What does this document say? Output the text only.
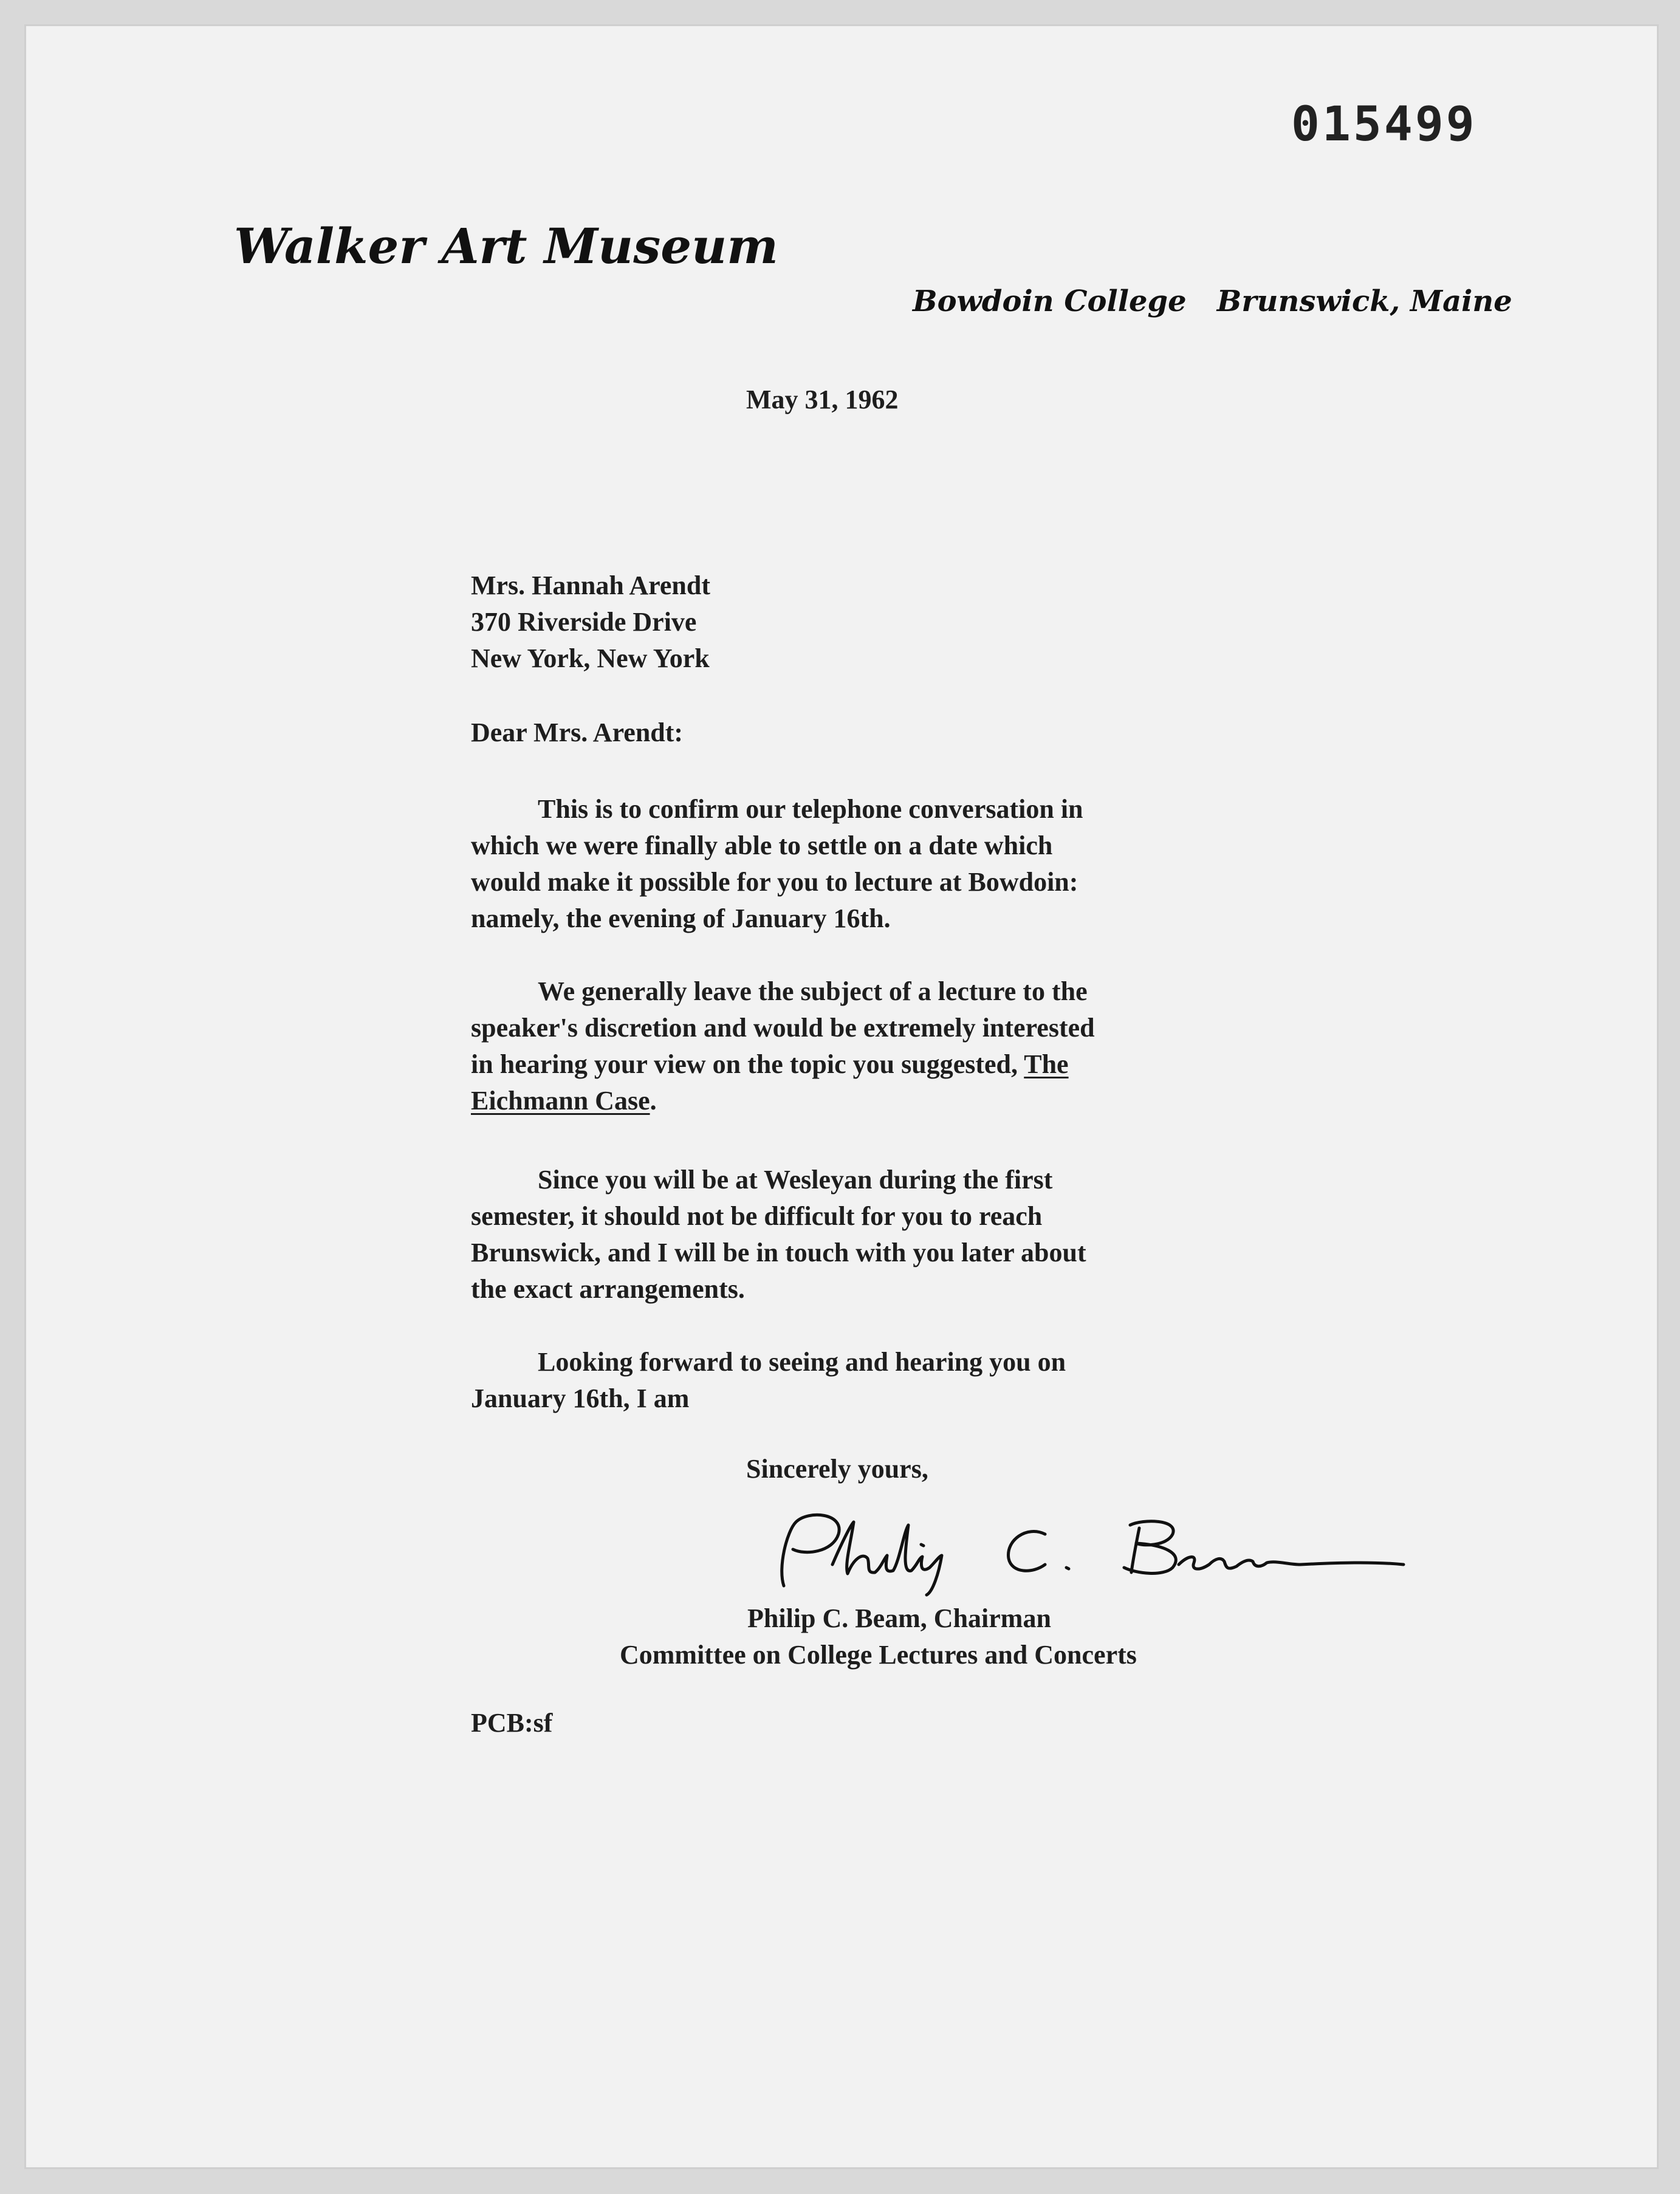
015499
Walker Art Museum
Bowdoin College Brunswick, Maine
May 31, 1962
Mrs. Hannah Arendt
370 Riverside Drive
New York, New York
Dear Mrs. Arendt:
This is to confirm our telephone conversation in
which we were finally able to settle on a date which
would make it possible for you to lecture at Bowdoin:
namely, the evening of January 16th.
We generally leave the subject of a lecture to the
speaker's discretion and would be extremely interested
in hearing your view on the topic you suggested, The
Eichmann Case.
Since you will be at Wesleyan during the first
semester, it should not be difficult for you to reach
Brunswick, and I will be in touch with you later about
the exact arrangements.
Looking forward to seeing and hearing you on
January 16th, I am
Sincerely yours,
Philip C. Beam, Chairman
Committee on College Lectures and Concerts
PCB:sf
